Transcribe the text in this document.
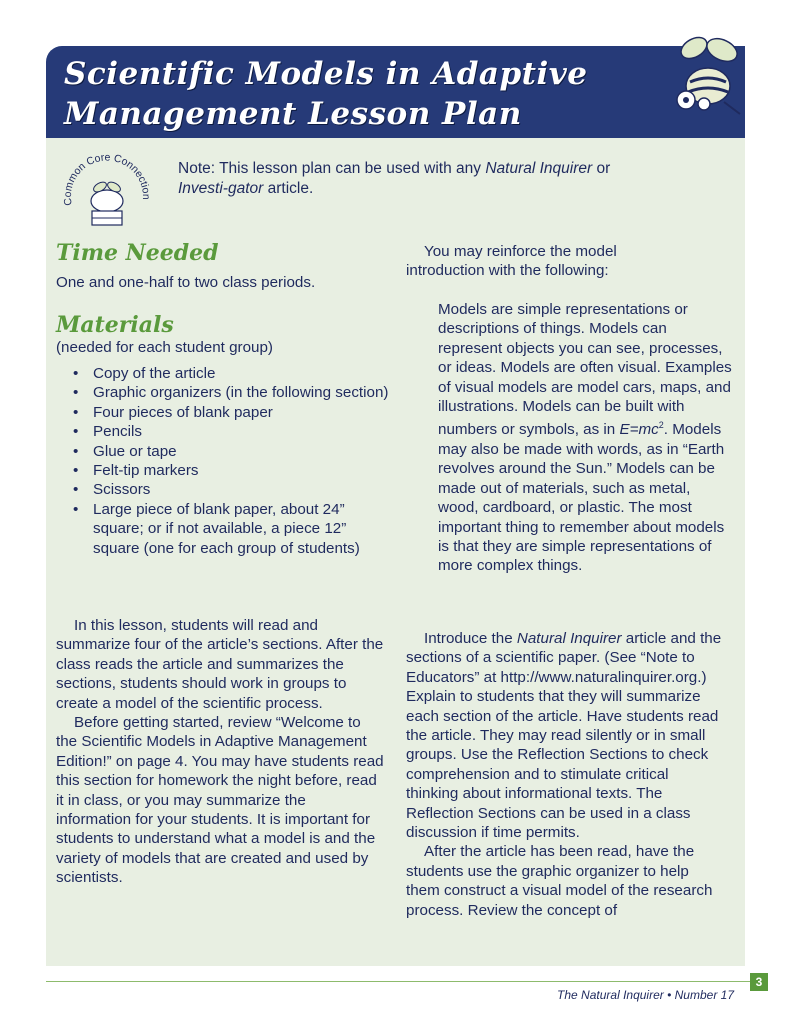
Scientific Models in Adaptive
Management Lesson Plan
Common Core Connection
Note: This lesson plan can be used with any Natural Inquirer or
Investi-gator article.
Time Needed
One and one-half to two class periods.
Materials
(needed for each student group)
• Copy of the article
• Graphic organizers (in the following section)
• Four pieces of blank paper
• Pencils
• Glue or tape
• Felt-tip markers
• Scissors
• Large piece of blank paper, about 24” square; or if not available, a piece 12” square (one for each group of students)

In this lesson, students will read and summarize four of the article’s sections. After the class reads the article and summarizes the sections, students should work in groups to create a model of the scientific process.

Before getting started, review “Welcome to the Scientific Models in Adaptive Management Edition!” on page 4. You may have students read this section for homework the night before, read it in class, or you may summarize the information for your students. It is important for students to understand what a model is and the variety of models that are created and used by scientists.

You may reinforce the model introduction with the following:
Models are simple representations or descriptions of things. Models can represent objects you can see, processes, or ideas. Models are often visual. Examples of visual models are model cars, maps, and illustrations. Models can be built with numbers or symbols, as in $E=mc^2$. Models may also be made with words, as in “Earth revolves around the Sun.” Models can be made out of materials, such as metal, wood, cardboard, or plastic. The most important thing to remember about models is that they are simple representations of more complex things.

Introduce the Natural Inquirer article and the sections of a scientific paper. (See “Note to Educators” at http://www.naturalinquirer.org.) Explain to students that they will summarize each section of the article. Have students read the article. They may read silently or in small groups. Use the Reflection Sections to check comprehension and to stimulate critical thinking about informational texts. The Reflection Sections can be used in a class discussion if time permits.

After the article has been read, have the students use the graphic organizer to help them construct a visual model of the research process. Review the concept of

3
The Natural Inquirer • Number 17
